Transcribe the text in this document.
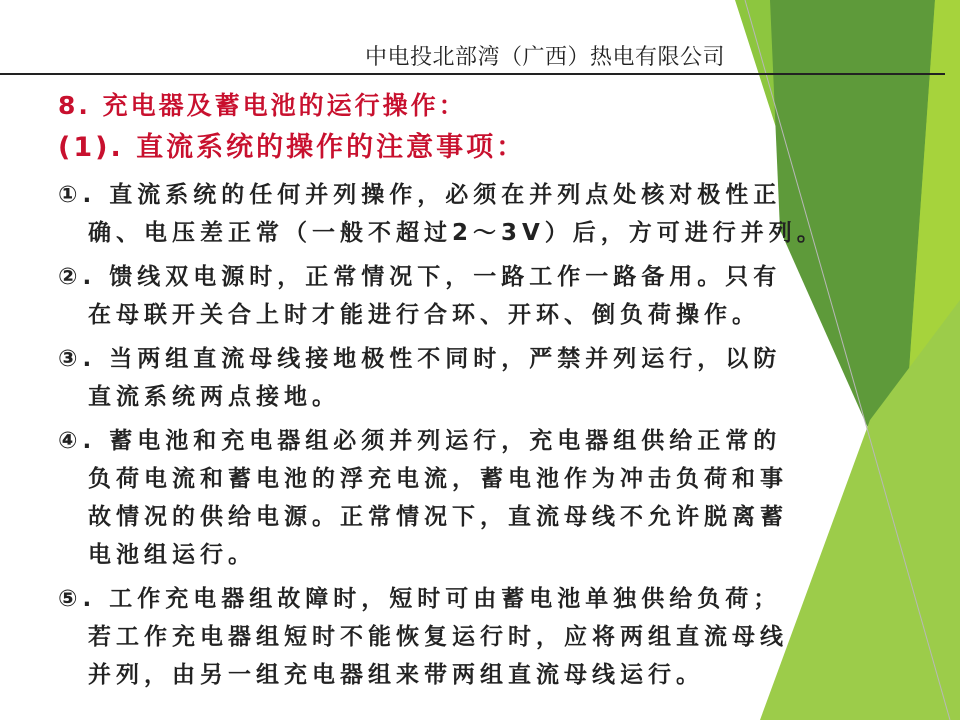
中电投北部湾（广西）热电有限公司
8. 充电器及蓄电池的运行操作：
(1). 直流系统的操作的注意事项：
①. 直流系统的任何并列操作，必须在并列点处核对极性正
确、电压差正常（一般不超过2～3V）后，方可进行并列。
②. 馈线双电源时，正常情况下，一路工作一路备用。只有
在母联开关合上时才能进行合环、开环、倒负荷操作。
③. 当两组直流母线接地极性不同时，严禁并列运行，以防
直流系统两点接地。
④. 蓄电池和充电器组必须并列运行，充电器组供给正常的
负荷电流和蓄电池的浮充电流，蓄电池作为冲击负荷和事
故情况的供给电源。正常情况下，直流母线不允许脱离蓄
电池组运行。
⑤. 工作充电器组故障时，短时可由蓄电池单独供给负荷；
若工作充电器组短时不能恢复运行时，应将两组直流母线
并列，由另一组充电器组来带两组直流母线运行。
